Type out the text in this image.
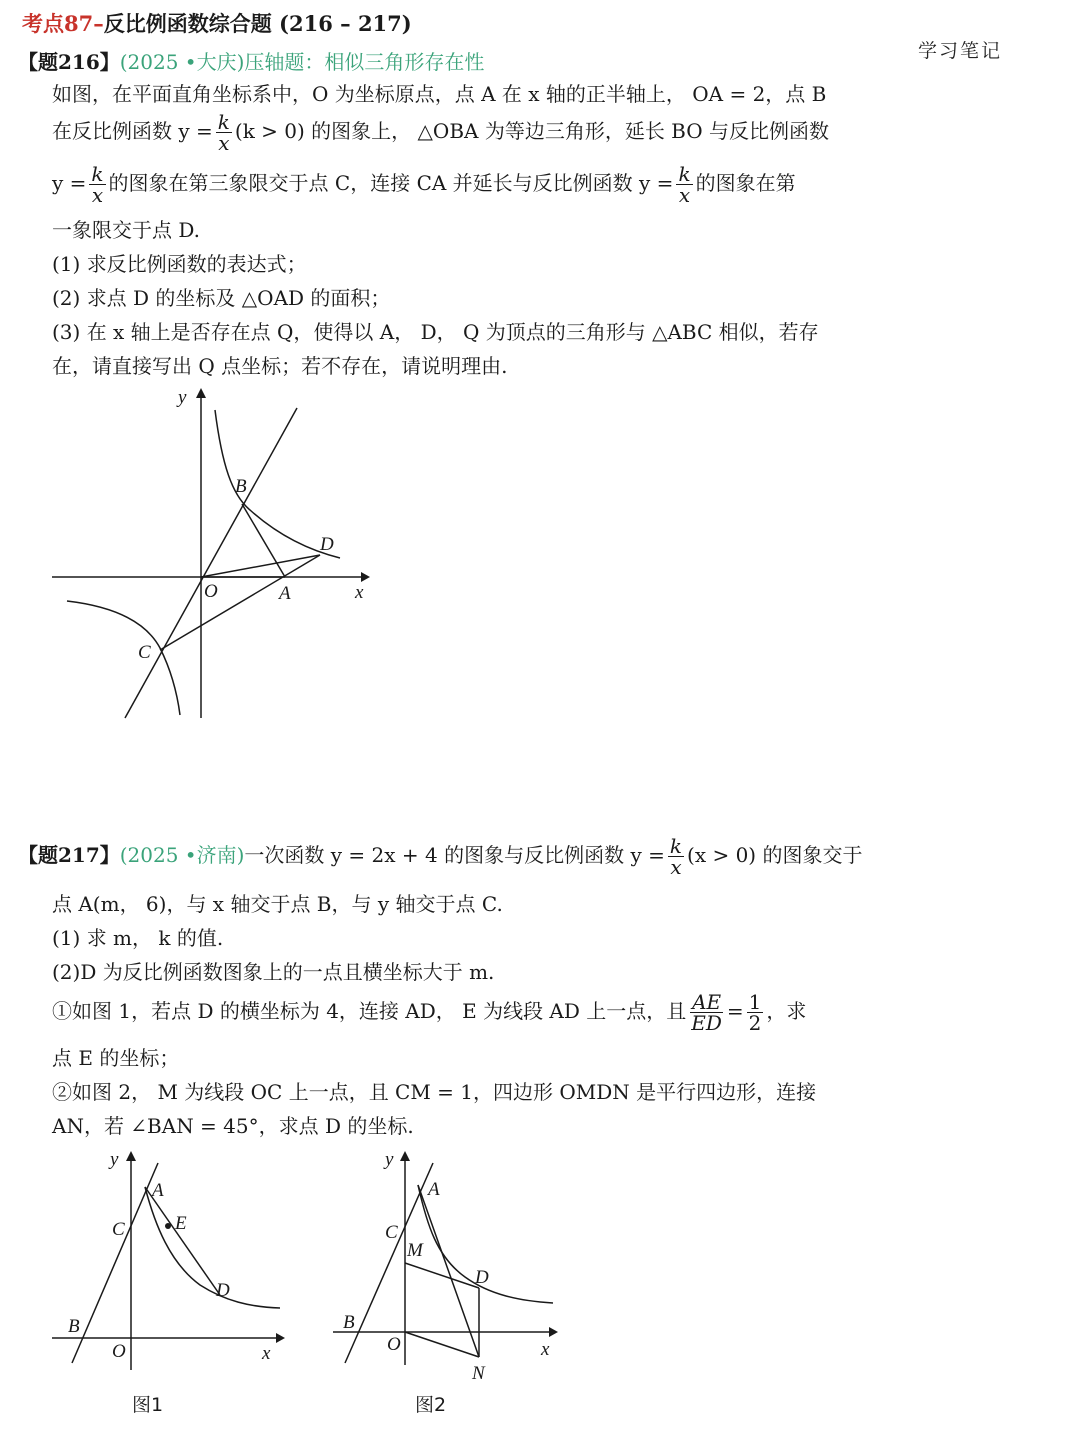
考点87–反比例函数综合题 (216 – 217)
学习笔记
【题216】(2025 •大庆)压轴题：相似三角形存在性
如图，在平面直角坐标系中，O 为坐标原点，点 A 在 x 轴的正半轴上， OA = 2，点 B
在反比例函数 $y = \frac{k}{x} (k > 0)$ 的图象上， △OBA 为等边三角形，延长 BO 与反比例函数
$y = \frac{k}{x}$ 的图象在第三象限交于点 C，连接 CA 并延长与反比例函数 $y = \frac{k}{x}$ 的图象在第
一象限交于点 D.
(1) 求反比例函数的表达式；
(2) 求点 D 的坐标及 △OAD 的面积；
(3) 在 x 轴上是否存在点 Q，使得以 A， D， Q 为顶点的三角形与 △ABC 相似，若存
在，请直接写出 Q 点坐标；若不存在，请说明理由.
y
x
O	A
B
C
D
【题217】(2025 •济南)一次函数 y = 2x + 4 的图象与反比例函数 $y = \frac{k}{x} (x > 0)$ 的图象交于
点 A(m， 6)，与 x 轴交于点 B，与 y 轴交于点 C.
(1) 求 m， k 的值.
(2)D 为反比例函数图象上的一点且横坐标大于 m.
①如图 1，若点 D 的横坐标为 4，连接 AD， E 为线段 AD 上一点，且 $\frac{AE}{ED} = \frac{1}{2}$ ，求
点 E 的坐标；
②如图 2， M 为线段 OC 上一点，且 CM = 1，四边形 OMDN 是平行四边形，连接
AN，若 ∠BAN = 45°，求点 D 的坐标.
y
x
O
A
B
C
D
E
图1
y
x
O
A
B
C
D
M
N
图2
